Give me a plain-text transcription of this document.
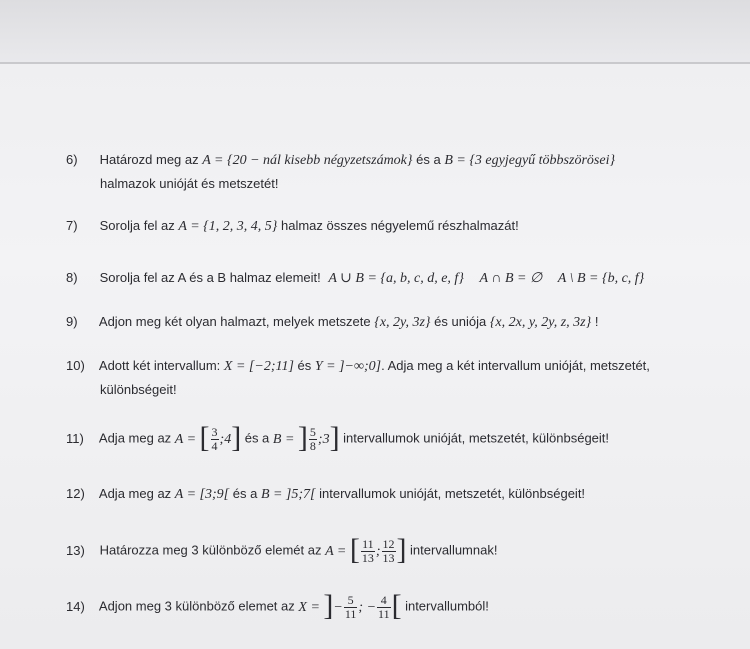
6) Határozd meg az A = {20 − nál kisebb négyzetszámok} és a B = {3 egyjegyű többszörösei}
halmazok unióját és metszetét!
7) Sorolja fel az A = {1, 2, 3, 4, 5} halmaz összes négyelemű részhalmazát!
8) Sorolja fel az A és a B halmaz elemeit! A ∪ B = {a, b, c, d, e, f} A ∩ B = ∅ A \ B = {b, c, f}
9) Adjon meg két olyan halmazt, melyek metszete {x, 2y, 3z} és uniója {x, 2x, y, 2y, z, 3z} !
10) Adott két intervallum: X = [−2;11] és Y = ]−∞;0]. Adja meg a két intervallum unióját, metszetét,
különbségeit!
11) Adja meg az A = [ $\frac{3}{4}$ ;4] és a B = ] $\frac{5}{8}$ ;3] intervallumok unióját, metszetét, különbségeit!
12) Adja meg az A = [3;9[ és a B = ]5;7[ intervallumok unióját, metszetét, különbségeit!
13) Határozza meg 3 különböző elemét az A = [ $\frac{11}{13}$ ; $\frac{12}{13}$ ] intervallumnak!
14) Adjon meg 3 különböző elemet az X = ]− $\frac{5}{11}$ ; − $\frac{4}{11}$ [ intervallumból!
